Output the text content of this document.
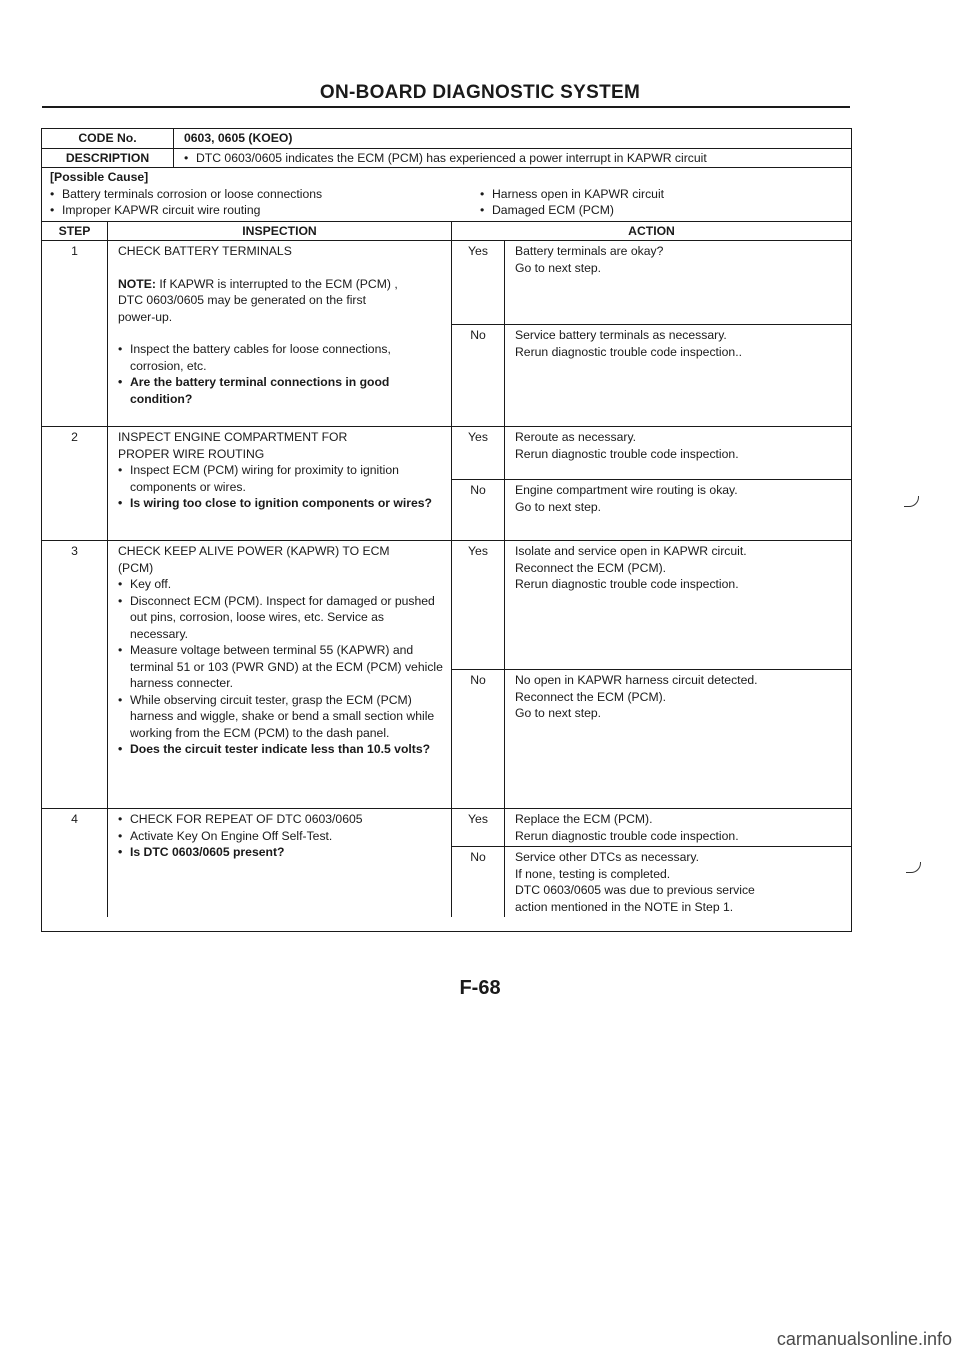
ON-BOARD DIAGNOSTIC SYSTEM
CODE No.	0603, 0605 (KOEO)
DESCRIPTION	• DTC 0603/0605 indicates the ECM (PCM) has experienced a power interrupt in KAPWR circuit
[Possible Cause]
• Battery terminals corrosion or loose connections	• Harness open in KAPWR circuit
• Improper KAPWR circuit wire routing	• Damaged ECM (PCM)
STEP	INSPECTION	ACTION
1	CHECK BATTERY TERMINALS
NOTE: If KAPWR is interrupted to the ECM (PCM) ,
DTC 0603/0605 may be generated on the first
power-up.
• Inspect the battery cables for loose connections, corrosion, etc.
• Are the battery terminal connections in good condition?
Yes	Battery terminals are okay?
Go to next step.
No	Service battery terminals as necessary.
Rerun diagnostic trouble code inspection..
2	INSPECT ENGINE COMPARTMENT FOR
PROPER WIRE ROUTING
• Inspect ECM (PCM) wiring for proximity to ignition components or wires.
• Is wiring too close to ignition components or wires?
Yes	Reroute as necessary.
Rerun diagnostic trouble code inspection.
No	Engine compartment wire routing is okay.
Go to next step.
3	CHECK KEEP ALIVE POWER (KAPWR) TO ECM
(PCM)
• Key off.
• Disconnect ECM (PCM). Inspect for damaged or pushed out pins, corrosion, loose wires, etc. Service as necessary.
• Measure voltage between terminal 55 (KAPWR) and terminal 51 or 103 (PWR GND) at the ECM (PCM) vehicle harness connecter.
• While observing circuit tester, grasp the ECM (PCM) harness and wiggle, shake or bend a small section while working from the ECM (PCM) to the dash panel.
• Does the circuit tester indicate less than 10.5 volts?
Yes	Isolate and service open in KAPWR circuit.
Reconnect the ECM (PCM).
Rerun diagnostic trouble code inspection.
No	No open in KAPWR harness circuit detected.
Reconnect the ECM (PCM).
Go to next step.
4	• CHECK FOR REPEAT OF DTC 0603/0605
• Activate Key On Engine Off Self-Test.
• Is DTC 0603/0605 present?
Yes	Replace the ECM (PCM).
Rerun diagnostic trouble code inspection.
No	Service other DTCs as necessary.
If none, testing is completed.
DTC 0603/0605 was due to previous service
action mentioned in the NOTE in Step 1.
F-68
carmanualsonline.info
